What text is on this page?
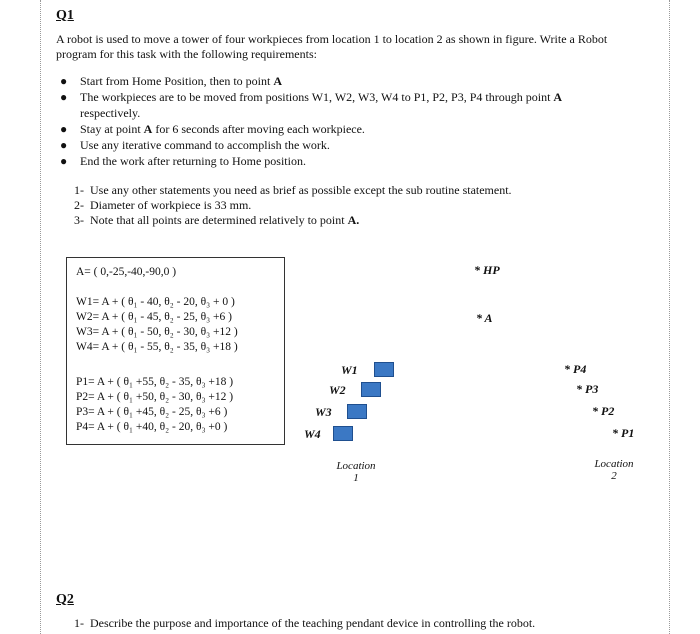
Q1
A robot is used to move a tower of four workpieces from location 1 to location 2 as shown in figure. Write a Robot
program for this task with the following requirements:
● Start from Home Position, then to point A
● The workpieces are to be moved from positions W1, W2, W3, W4 to P1, P2, P3, P4 through point A
respectively.
● Stay at point A for 6 seconds after moving each workpiece.
● Use any iterative command to accomplish the work.
● End the work after returning to Home position.
1- Use any other statements you need as brief as possible except the sub routine statement.
2- Diameter of workpiece is 33 mm.
3- Note that all points are determined relatively to point A.
A= ( 0,-25,-40,-90,0 )
W1= A + ( θ₁ - 40, θ₂ - 20, θ₃ + 0 )
W2= A + ( θ₁ - 45, θ₂ - 25, θ₃ +6 )
W3= A + ( θ₁ - 50, θ₂ - 30, θ₃ +12 )
W4= A + ( θ₁ - 55, θ₂ - 35, θ₃ +18 )
P1= A + ( θ₁ +55, θ₂ - 35, θ₃ +18 )
P2= A + ( θ₁ +50, θ₂ - 30, θ₃ +12 )
P3= A + ( θ₁ +45, θ₂ - 25, θ₃ +6 )
P4= A + ( θ₁ +40, θ₂ - 20, θ₃ +0 )
* HP
* A
W1
W2
W3
W4
* P4
* P3
* P2
* P1
Location
1
Location
2
Q2
1- Describe the purpose and importance of the teaching pendant device in controlling the robot.
